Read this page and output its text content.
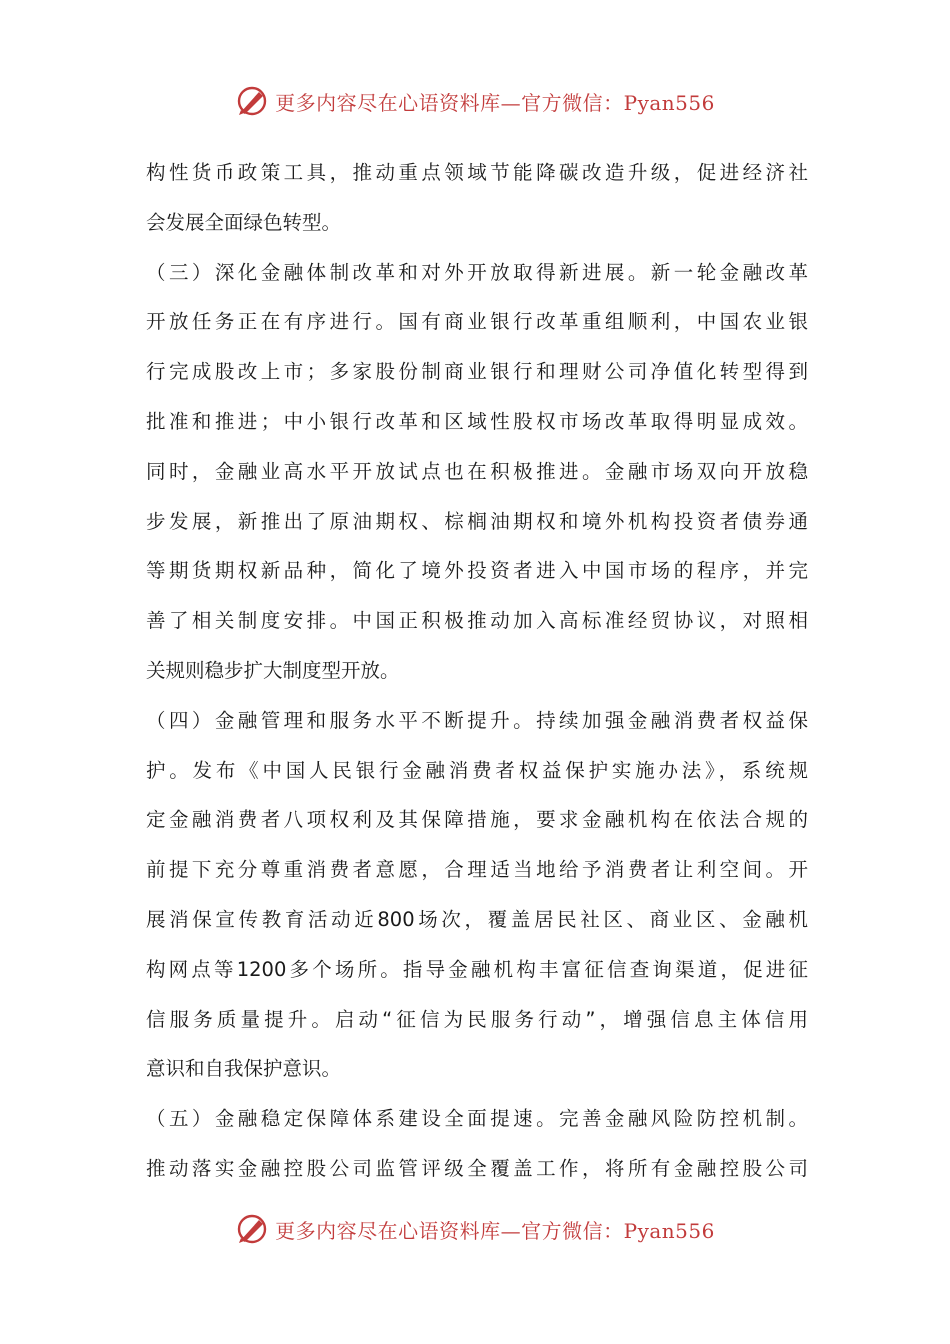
更多内容尽在心语资料库—官方微信：Pyan556
构性货币政策工具，推动重点领域节能降碳改造升级，促进经济社
会发展全面绿色转型。
（三）深化金融体制改革和对外开放取得新进展。新一轮金融改革
开放任务正在有序进行。国有商业银行改革重组顺利，中国农业银
行完成股改上市；多家股份制商业银行和理财公司净值化转型得到
批准和推进；中小银行改革和区域性股权市场改革取得明显成效。
同时，金融业高水平开放试点也在积极推进。金融市场双向开放稳
步发展，新推出了原油期权、棕榈油期权和境外机构投资者债券通
等期货期权新品种，简化了境外投资者进入中国市场的程序，并完
善了相关制度安排。中国正积极推动加入高标准经贸协议，对照相
关规则稳步扩大制度型开放。
（四）金融管理和服务水平不断提升。持续加强金融消费者权益保
护。发布《中国人民银行金融消费者权益保护实施办法》，系统规
定金融消费者八项权利及其保障措施，要求金融机构在依法合规的
前提下充分尊重消费者意愿，合理适当地给予消费者让利空间。开
展消保宣传教育活动近800场次，覆盖居民社区、商业区、金融机
构网点等1200多个场所。指导金融机构丰富征信查询渠道，促进征
信服务质量提升。启动“征信为民服务行动”，增强信息主体信用
意识和自我保护意识。
（五）金融稳定保障体系建设全面提速。完善金融风险防控机制。
推动落实金融控股公司监管评级全覆盖工作，将所有金融控股公司
更多内容尽在心语资料库—官方微信：Pyan556
